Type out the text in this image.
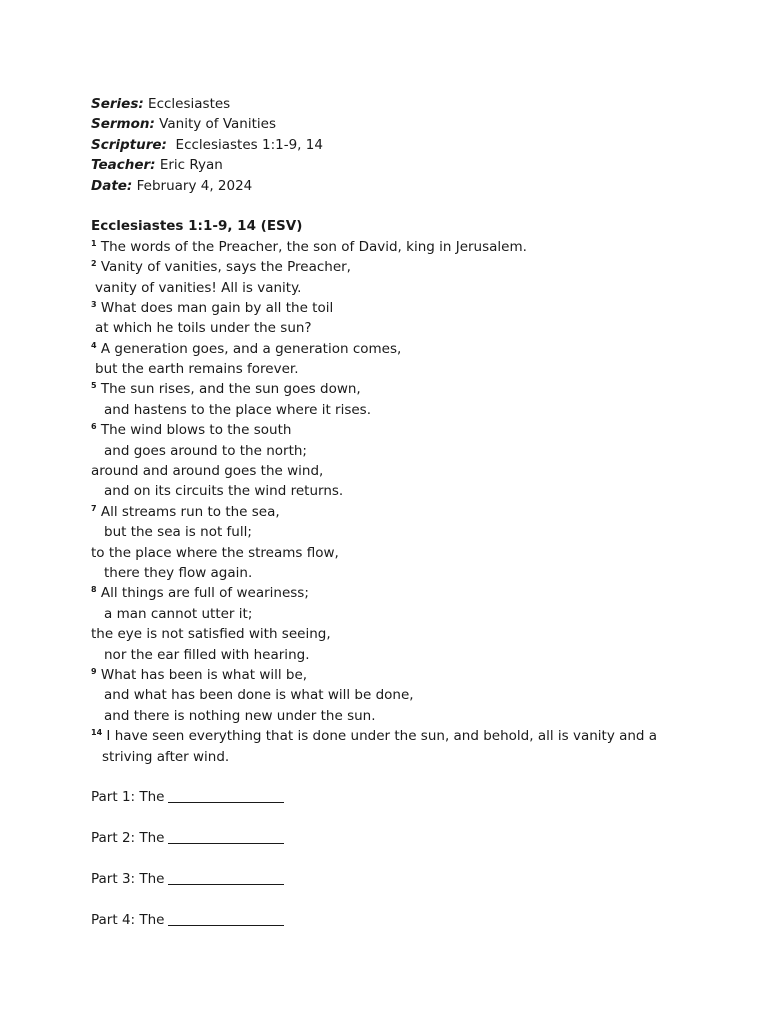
Series: Ecclesiastes
Sermon: Vanity of Vanities
Scripture:  Ecclesiastes 1:1-9, 14
Teacher: Eric Ryan
Date: February 4, 2024
Ecclesiastes 1:1-9, 14 (ESV)
$^1$ The words of the Preacher, the son of David, king in Jerusalem.
$^2$ Vanity of vanities, says the Preacher,
vanity of vanities! All is vanity.
$^3$ What does man gain by all the toil
at which he toils under the sun?
$^4$ A generation goes, and a generation comes,
but the earth remains forever.
$^5$ The sun rises, and the sun goes down,
and hastens to the place where it rises.
$^6$ The wind blows to the south
and goes around to the north;
around and around goes the wind,
and on its circuits the wind returns.
$^7$ All streams run to the sea,
but the sea is not full;
to the place where the streams flow,
there they flow again.
$^8$ All things are full of weariness;
a man cannot utter it;
the eye is not satisfied with seeing,
nor the ear filled with hearing.
$^9$ What has been is what will be,
and what has been done is what will be done,
and there is nothing new under the sun.
$^{14}$ I have seen everything that is done under the sun, and behold, all is vanity and a
striving after wind.
Part 1: The
Part 2: The
Part 3: The
Part 4: The
